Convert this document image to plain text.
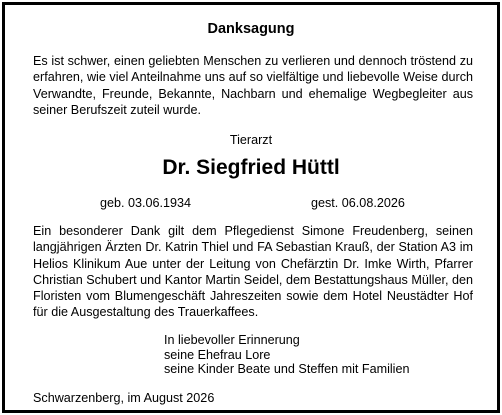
Danksagung
Es ist schwer, einen geliebten Menschen zu verlieren und dennoch tröstend zu erfahren, wie viel Anteilnahme uns auf so vielfältige und liebevolle Weise durch Verwandte, Freunde, Bekannte, Nachbarn und ehemalige Wegbegleiter aus seiner Berufszeit zuteil wurde.
Tierarzt
Dr. Siegfried Hüttl
geb. 03.06.1934	gest. 06.08.2026
Ein besonderer Dank gilt dem Pflegedienst Simone Freudenberg, seinen langjährigen Ärzten Dr. Katrin Thiel und FA Sebastian Krauß, der Station A3 im Helios Klinikum Aue unter der Leitung von Chefärztin Dr. Imke Wirth, Pfarrer Christian Schubert und Kantor Martin Seidel, dem Bestattungshaus Müller, den Floristen vom Blumengeschäft Jahreszeiten sowie dem Hotel Neustädter Hof für die Ausgestaltung des Trauerkaffees.
In liebevoller Erinnerung
seine Ehefrau Lore
seine Kinder Beate und Steffen mit Familien
Schwarzenberg, im August 2026
